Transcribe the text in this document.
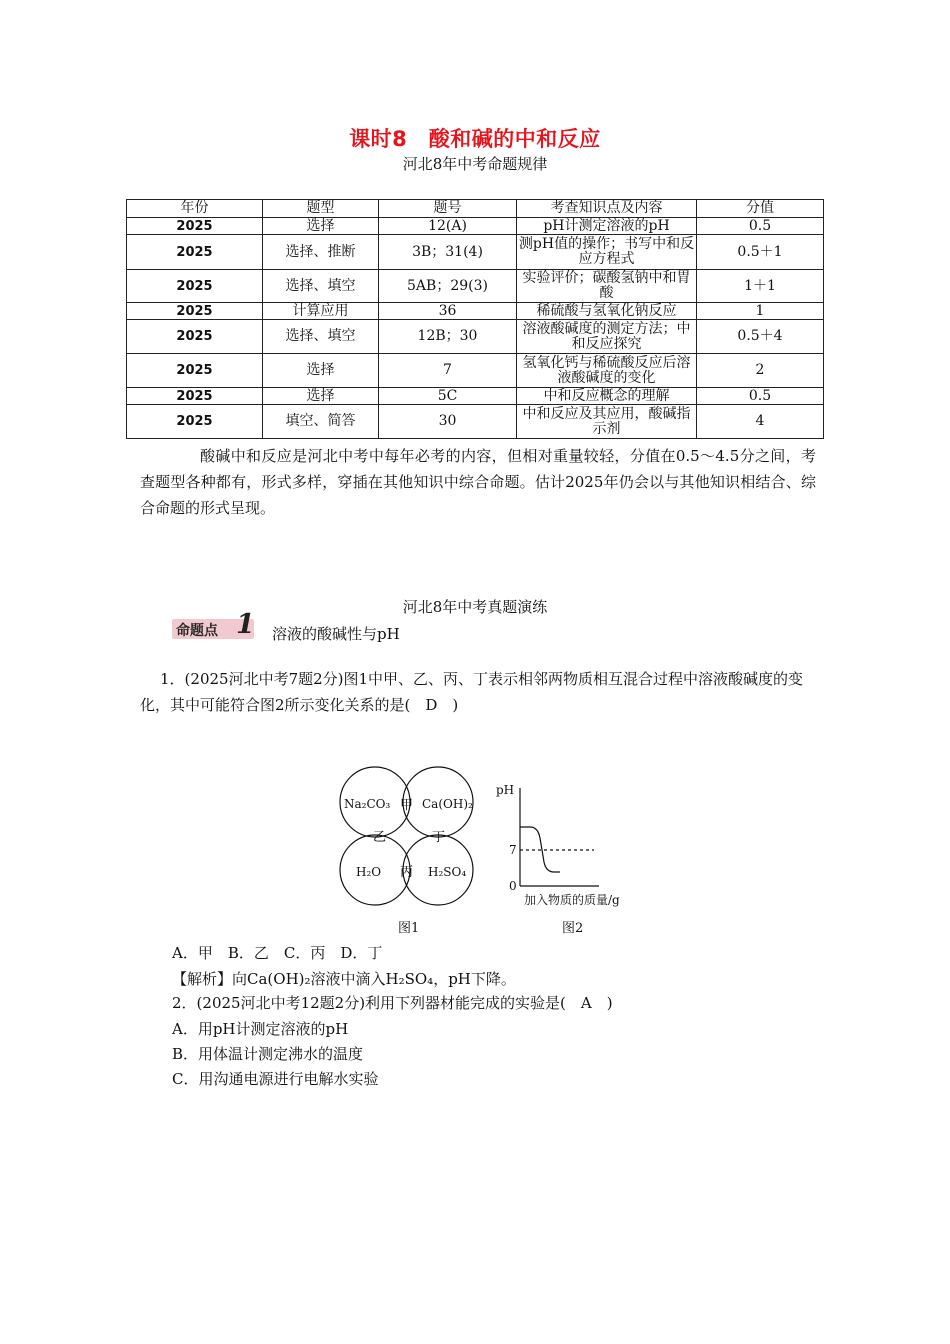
课时8　酸和碱的中和反应
河北8年中考命题规律
年份	题型	题号	考查知识点及内容	分值
2025	选择	12(A)	pH计测定溶液的pH	0.5
2025	选择、推断	3B；31(4)	测pH值的操作；书写中和反应方程式	0.5＋1
2025	选择、填空	5AB；29(3)	实验评价；碳酸氢钠中和胃酸	1＋1
2025	计算应用	36	稀硫酸与氢氧化钠反应	1
2025	选择、填空	12B；30	溶液酸碱度的测定方法；中和反应探究	0.5＋4
2025	选择	7	氢氧化钙与稀硫酸反应后溶液酸碱度的变化	2
2025	选择	5C	中和反应概念的理解	0.5
2025	填空、简答	30	中和反应及其应用，酸碱指示剂	4
酸碱中和反应是河北中考中每年必考的内容，但相对重量较轻，分值在0.5～4.5分之间，考查题型各种都有，形式多样，穿插在其他知识中综合命题。估计2025年仍会以与其他知识相结合、综合命题的形式呈现。
河北8年中考真题演练
命题点 1 溶液的酸碱性与pH
1．(2025河北中考7题2分)图1中甲、乙、丙、丁表示相邻两物质相互混合过程中溶液酸碱度的变化，其中可能符合图2所示变化关系的是(　D　)
Na₂CO₃	Ca(OH)₂
H₂O	H₂SO₄
甲
乙	丁
丙
图1
pH
7
0
加入物质的质量/g
图2
A．甲　B．乙　C．丙　D．丁
【解析】向Ca(OH)₂溶液中滴入H₂SO₄，pH下降。
2．(2025河北中考12题2分)利用下列器材能完成的实验是(　A　)
A．用pH计测定溶液的pH
B．用体温计测定沸水的温度
C．用沟通电源进行电解水实验
